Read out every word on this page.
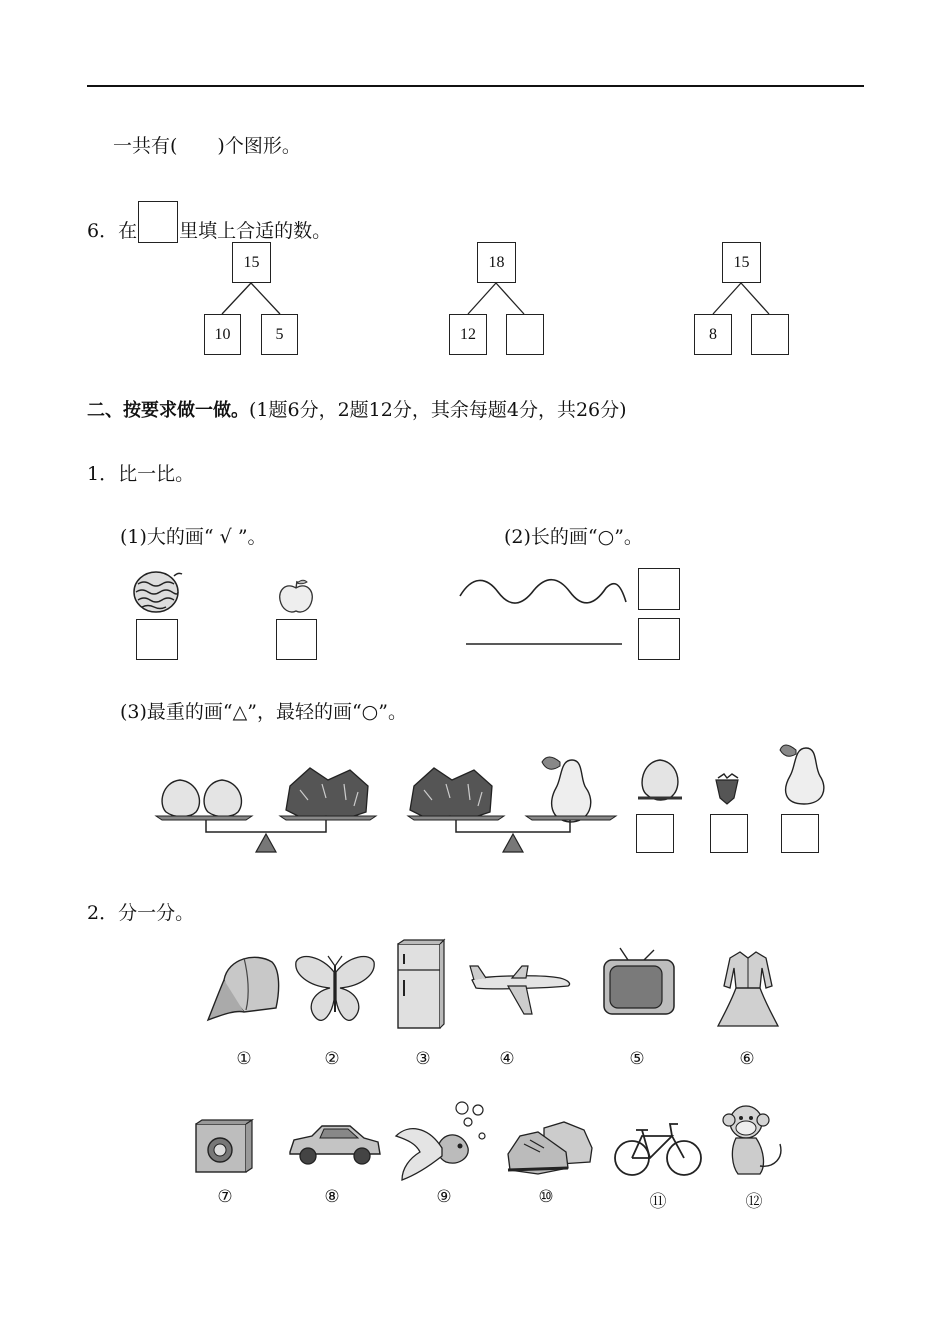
一共有( )个图形。
6． 在 里填上合适的数。
15
10	5
18
12
15
8
二、按要求做一做。(1题6分，2题12分，其余每题4分，共26分)
1．比一比。
(1)大的画“ √ ”。	(2)长的画“○”。
(3)最重的画“△”，最轻的画“○”。
2．分一分。
①	②	③	④	⑤	⑥
⑦	⑧	⑨	⑩	⑪	⑫
